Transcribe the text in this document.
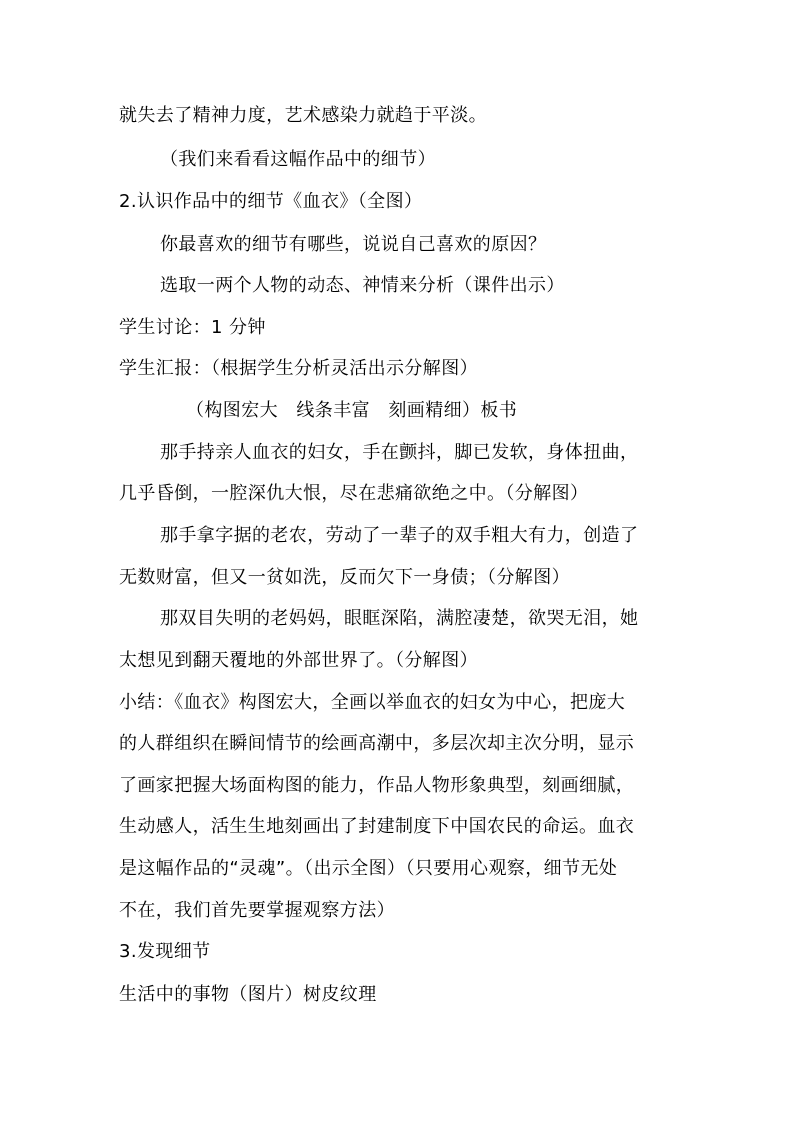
就失去了精神力度，艺术感染力就趋于平淡。
（我们来看看这幅作品中的细节）
2.认识作品中的细节《血衣》（全图）
你最喜欢的细节有哪些，说说自己喜欢的原因？
选取一两个人物的动态、神情来分析（课件出示）
学生讨论：1 分钟
学生汇报：（根据学生分析灵活出示分解图）
（构图宏大　线条丰富　刻画精细）板书
那手持亲人血衣的妇女，手在颤抖，脚已发软，身体扭曲，
几乎昏倒，一腔深仇大恨，尽在悲痛欲绝之中。（分解图）
那手拿字据的老农，劳动了一辈子的双手粗大有力，创造了
无数财富，但又一贫如洗，反而欠下一身债；（分解图）
那双目失明的老妈妈，眼眶深陷，满腔凄楚，欲哭无泪，她
太想见到翻天覆地的外部世界了。（分解图）
小结：《血衣》构图宏大，全画以举血衣的妇女为中心，把庞大
的人群组织在瞬间情节的绘画高潮中，多层次却主次分明，显示
了画家把握大场面构图的能力，作品人物形象典型，刻画细腻，
生动感人，活生生地刻画出了封建制度下中国农民的命运。血衣
是这幅作品的“灵魂”。（出示全图）（只要用心观察，细节无处
不在，我们首先要掌握观察方法）
3.发现细节
生活中的事物（图片）树皮纹理
